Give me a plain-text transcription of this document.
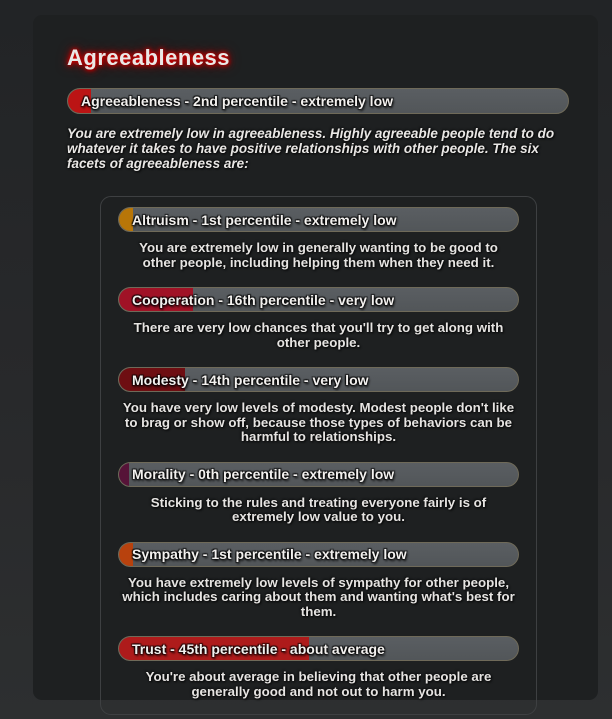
Agreeableness
Agreeableness - 2nd percentile - extremely low

You are extremely low in agreeableness. Highly agreeable people tend to do whatever it takes to have positive relationships with other people. The six facets of agreeableness are:

Altruism - 1st percentile - extremely low

You are extremely low in generally wanting to be good to other people, including helping them when they need it.

Cooperation - 16th percentile - very low

There are very low chances that you'll try to get along with other people.

Modesty - 14th percentile - very low

You have very low levels of modesty. Modest people don't like to brag or show off, because those types of behaviors can be harmful to relationships.

Morality - 0th percentile - extremely low

Sticking to the rules and treating everyone fairly is of extremely low value to you.

Sympathy - 1st percentile - extremely low

You have extremely low levels of sympathy for other people, which includes caring about them and wanting what's best for them.

Trust - 45th percentile - about average

You're about average in believing that other people are generally good and not out to harm you.
